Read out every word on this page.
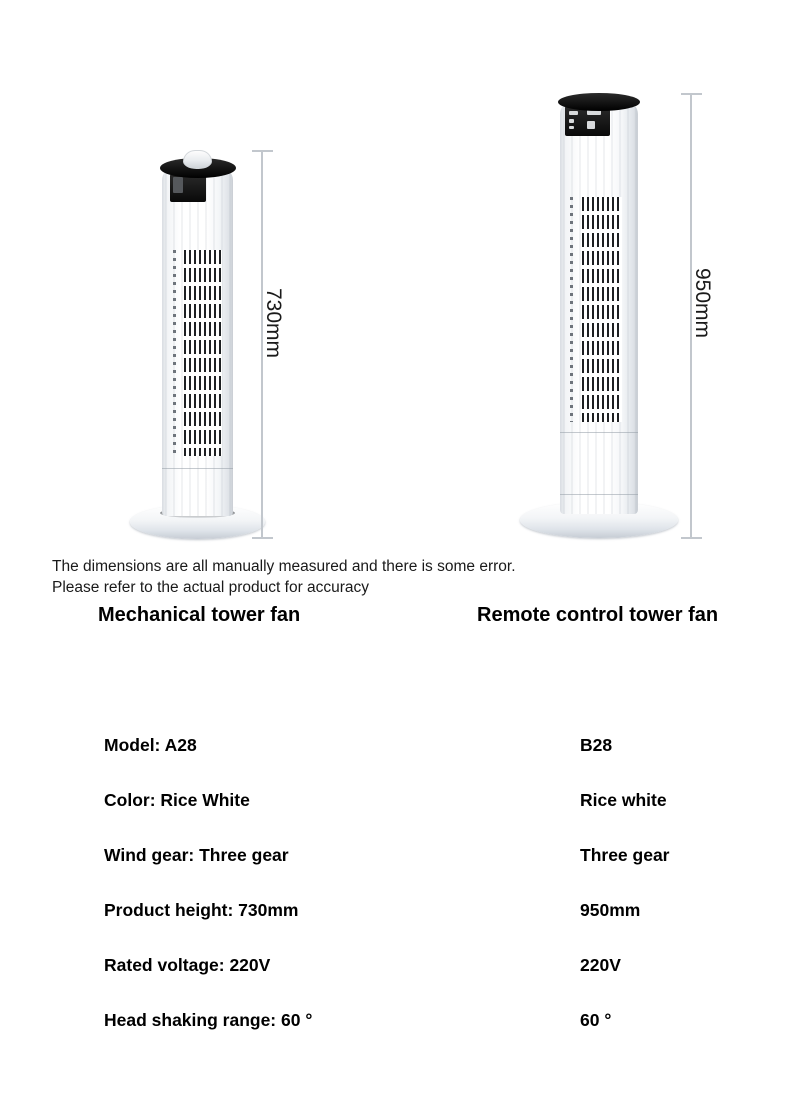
730mm	950mm
The dimensions are all manually measured and there is some error.
Please refer to the actual product for accuracy
Mechanical tower fan	Remote control tower fan
Model: A28	B28
Color: Rice White	Rice white
Wind gear: Three gear	Three gear
Product height: 730mm	950mm
Rated voltage: 220V	220V
Head shaking range: 60 °	60 °
